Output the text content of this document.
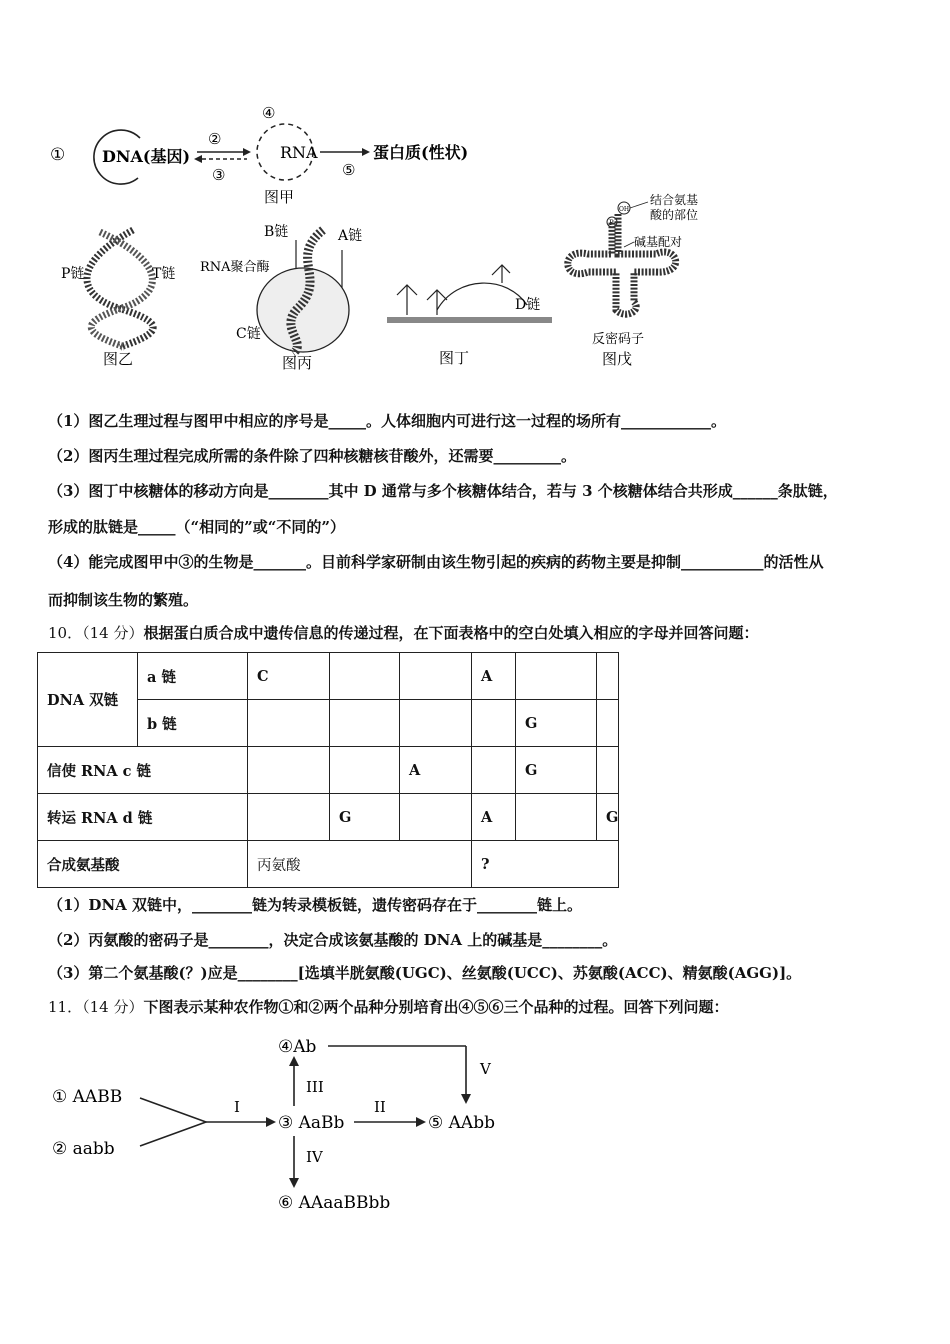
① DNA(基因)
②
③
④
RNA
⑤
蛋白质(性状)
图甲
P链	T链
图乙
B链	A链
RNA聚合酶
C链
图丙
D链
图丁
OH
P
结合氨基
酸的部位
碱基配对
反密码子
图戊
（1）图乙生理过程与图甲中相应的序号是_____。人体细胞内可进行这一过程的场所有____________。
（2）图丙生理过程完成所需的条件除了四种核糖核苷酸外，还需要_________。
（3）图丁中核糖体的移动方向是________其中 D 通常与多个核糖体结合，若与 3 个核糖体结合共形成______条肽链，
形成的肽链是_____（“相同的”或“不同的”）
（4）能完成图甲中③的生物是_______。目前科学家研制由该生物引起的疾病的药物主要是抑制___________的活性从
而抑制该生物的繁殖。
10．（14 分）根据蛋白质合成中遗传信息的传递过程，在下面表格中的空白处填入相应的字母并回答问题：
DNA 双链	a 链	C			A		
	b 链					G	
信使 RNA c 链				A		G	
转运 RNA d 链			G		A		G
合成氨基酸		丙氨酸			?		
（1）DNA 双链中，________链为转录模板链，遗传密码存在于________链上。
（2）丙氨酸的密码子是________，决定合成该氨基酸的 DNA 上的碱基是________。
（3）第二个氨基酸(？)应是________[选填半胱氨酸(UGC)、丝氨酸(UCC)、苏氨酸(ACC)、精氨酸(AGG)]。
11．（14 分）下图表示某种农作物①和②两个品种分别培育出④⑤⑥三个品种的过程。回答下列问题：
① AABB
② aabb
I
③ AaBb
III
④Ab
V
II
⑤ AAbb
IV
⑥ AAaaBBbb
